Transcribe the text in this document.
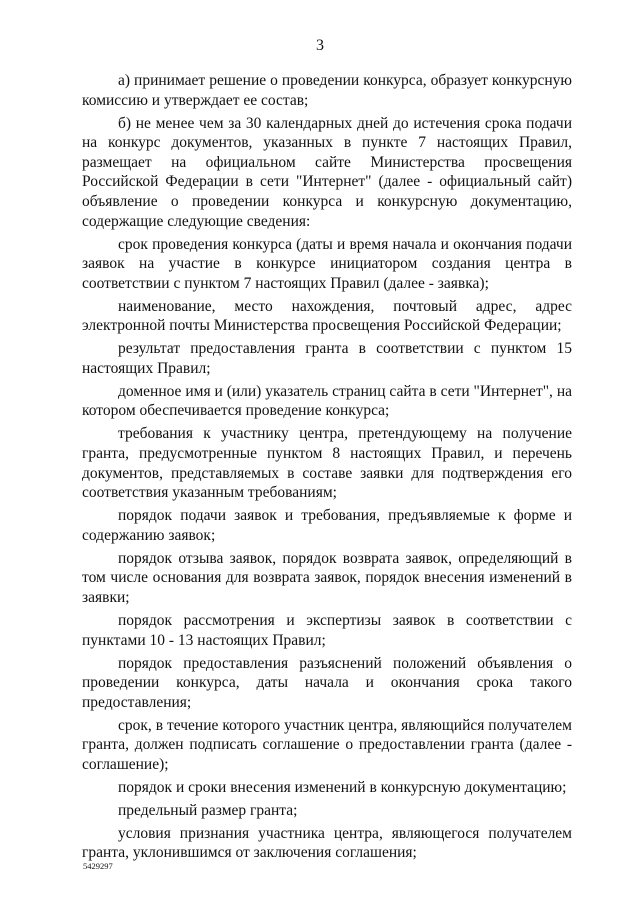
3

а) принимает решение о проведении конкурса, образует конкурсную комиссию и утверждает ее состав;

б) не менее чем за 30 календарных дней до истечения срока подачи на конкурс документов, указанных в пункте 7 настоящих Правил, размещает на официальном сайте Министерства просвещения Российской Федерации в сети "Интернет" (далее - официальный сайт) объявление о проведении конкурса и конкурсную документацию, содержащие следующие сведения:

срок проведения конкурса (даты и время начала и окончания подачи заявок на участие в конкурсе инициатором создания центра в соответствии с пунктом 7 настоящих Правил (далее - заявка);

наименование, место нахождения, почтовый адрес, адрес электронной почты Министерства просвещения Российской Федерации;

результат предоставления гранта в соответствии с пунктом 15 настоящих Правил;

доменное имя и (или) указатель страниц сайта в сети "Интернет", на котором обеспечивается проведение конкурса;

требования к участнику центра, претендующему на получение гранта, предусмотренные пунктом 8 настоящих Правил, и перечень документов, представляемых в составе заявки для подтверждения его соответствия указанным требованиям;

порядок подачи заявок и требования, предъявляемые к форме и содержанию заявок;

порядок отзыва заявок, порядок возврата заявок, определяющий в том числе основания для возврата заявок, порядок внесения изменений в заявки;

порядок рассмотрения и экспертизы заявок в соответствии с пунктами 10 - 13 настоящих Правил;

порядок предоставления разъяснений положений объявления о проведении конкурса, даты начала и окончания срока такого предоставления;

срок, в течение которого участник центра, являющийся получателем гранта, должен подписать соглашение о предоставлении гранта (далее - соглашение);

порядок и сроки внесения изменений в конкурсную документацию;

предельный размер гранта;

условия признания участника центра, являющегося получателем гранта, уклонившимся от заключения соглашения;

5429297
